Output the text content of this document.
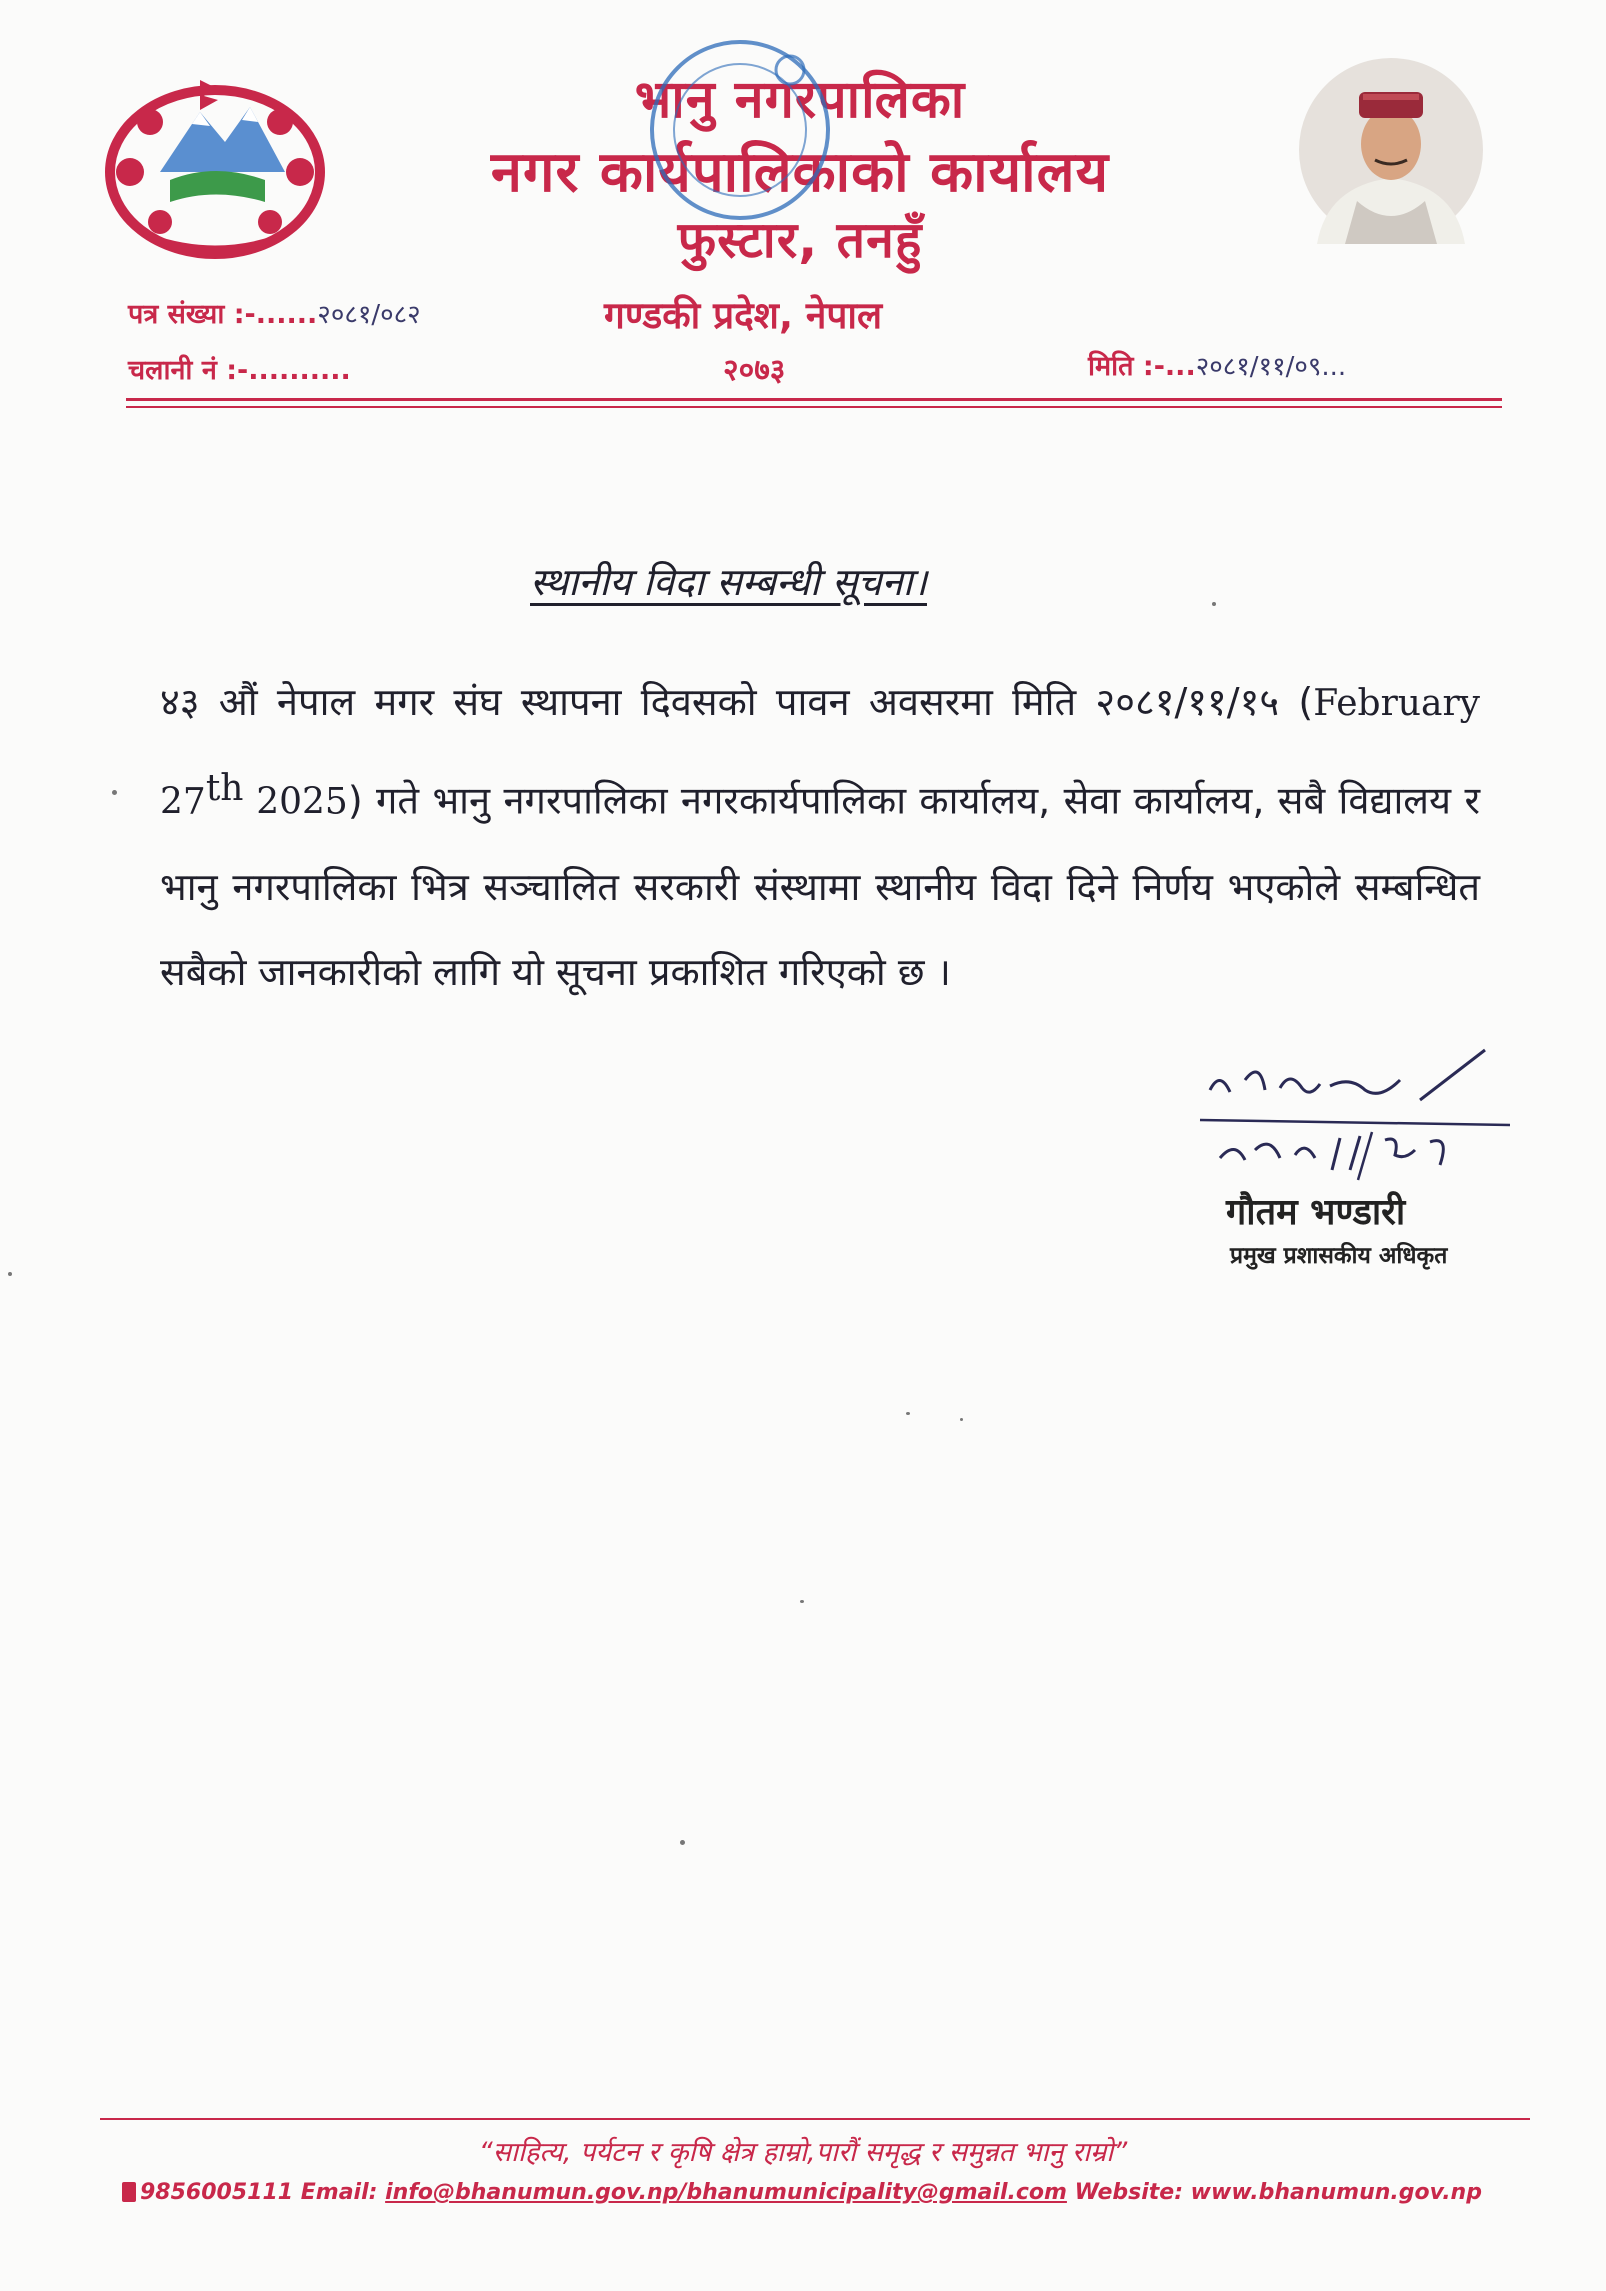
भानु नगरपालिका
नगर कार्यपालिकाको कार्यालय
फुस्टार, तनहुँ
पत्र संख्या :-......२०८१/०८२	गण्डकी प्रदेश, नेपाल
चलानी नं :-..........	२०७३	मिति :-...२०८१/११/०९...
स्थानीय विदा सम्बन्धी सूचना।
४३ औं नेपाल मगर संघ स्थापना दिवसको पावन अवसरमा मिति २०८१/११/१५ (February 27th 2025) गते भानु नगरपालिका नगरकार्यपालिका कार्यालय, सेवा कार्यालय, सबै विद्यालय र भानु नगरपालिका भित्र सञ्चालित सरकारी संस्थामा स्थानीय विदा दिने निर्णय भएकोले सम्बन्धित सबैको जानकारीको लागि यो सूचना प्रकाशित गरिएको छ ।
गौतम भण्डारी
प्रमुख प्रशासकीय अधिकृत
“साहित्य, पर्यटन र कृषि क्षेत्र हाम्रो,पारौं समृद्ध र समुन्नत भानु राम्रो”
9856005111 Email: info@bhanumun.gov.np/bhanumunicipality@gmail.com Website: www.bhanumun.gov.np
